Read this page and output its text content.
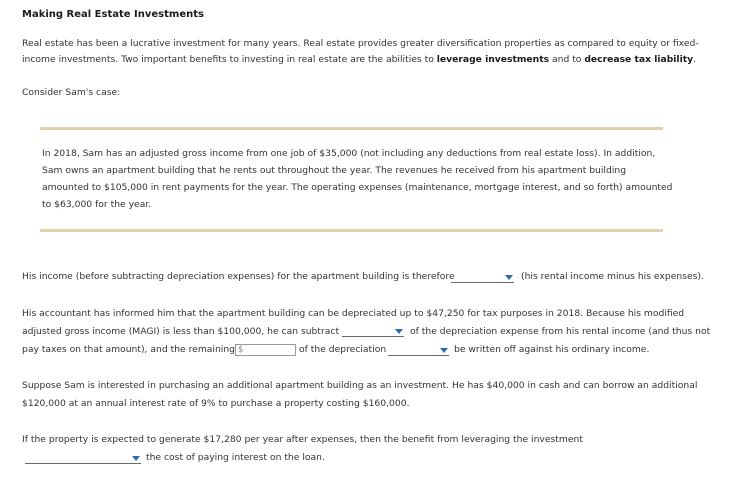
Making Real Estate Investments
Real estate has been a lucrative investment for many years. Real estate provides greater diversification properties as compared to equity or fixed-
income investments. Two important benefits to investing in real estate are the abilities to leverage investments and to decrease tax liability.
Consider Sam's case:
In 2018, Sam has an adjusted gross income from one job of $35,000 (not including any deductions from real estate loss). In addition,
Sam owns an apartment building that he rents out throughout the year. The revenues he received from his apartment building
amounted to $105,000 in rent payments for the year. The operating expenses (maintenance, mortgage interest, and so forth) amounted
to $63,000 for the year.
His income (before subtracting depreciation expenses) for the apartment building is therefore	(his rental income minus his expenses).
His accountant has informed him that the apartment building can be depreciated up to $47,250 for tax purposes in 2018. Because his modified
adjusted gross income (MAGI) is less than $100,000, he can subtract	of the depreciation expense from his rental income (and thus not
pay taxes on that amount), and the remaining $	of the depreciation	be written off against his ordinary income.
Suppose Sam is interested in purchasing an additional apartment building as an investment. He has $40,000 in cash and can borrow an additional
$120,000 at an annual interest rate of 9% to purchase a property costing $160,000.
If the property is expected to generate $17,280 per year after expenses, then the benefit from leveraging the investment
the cost of paying interest on the loan.
